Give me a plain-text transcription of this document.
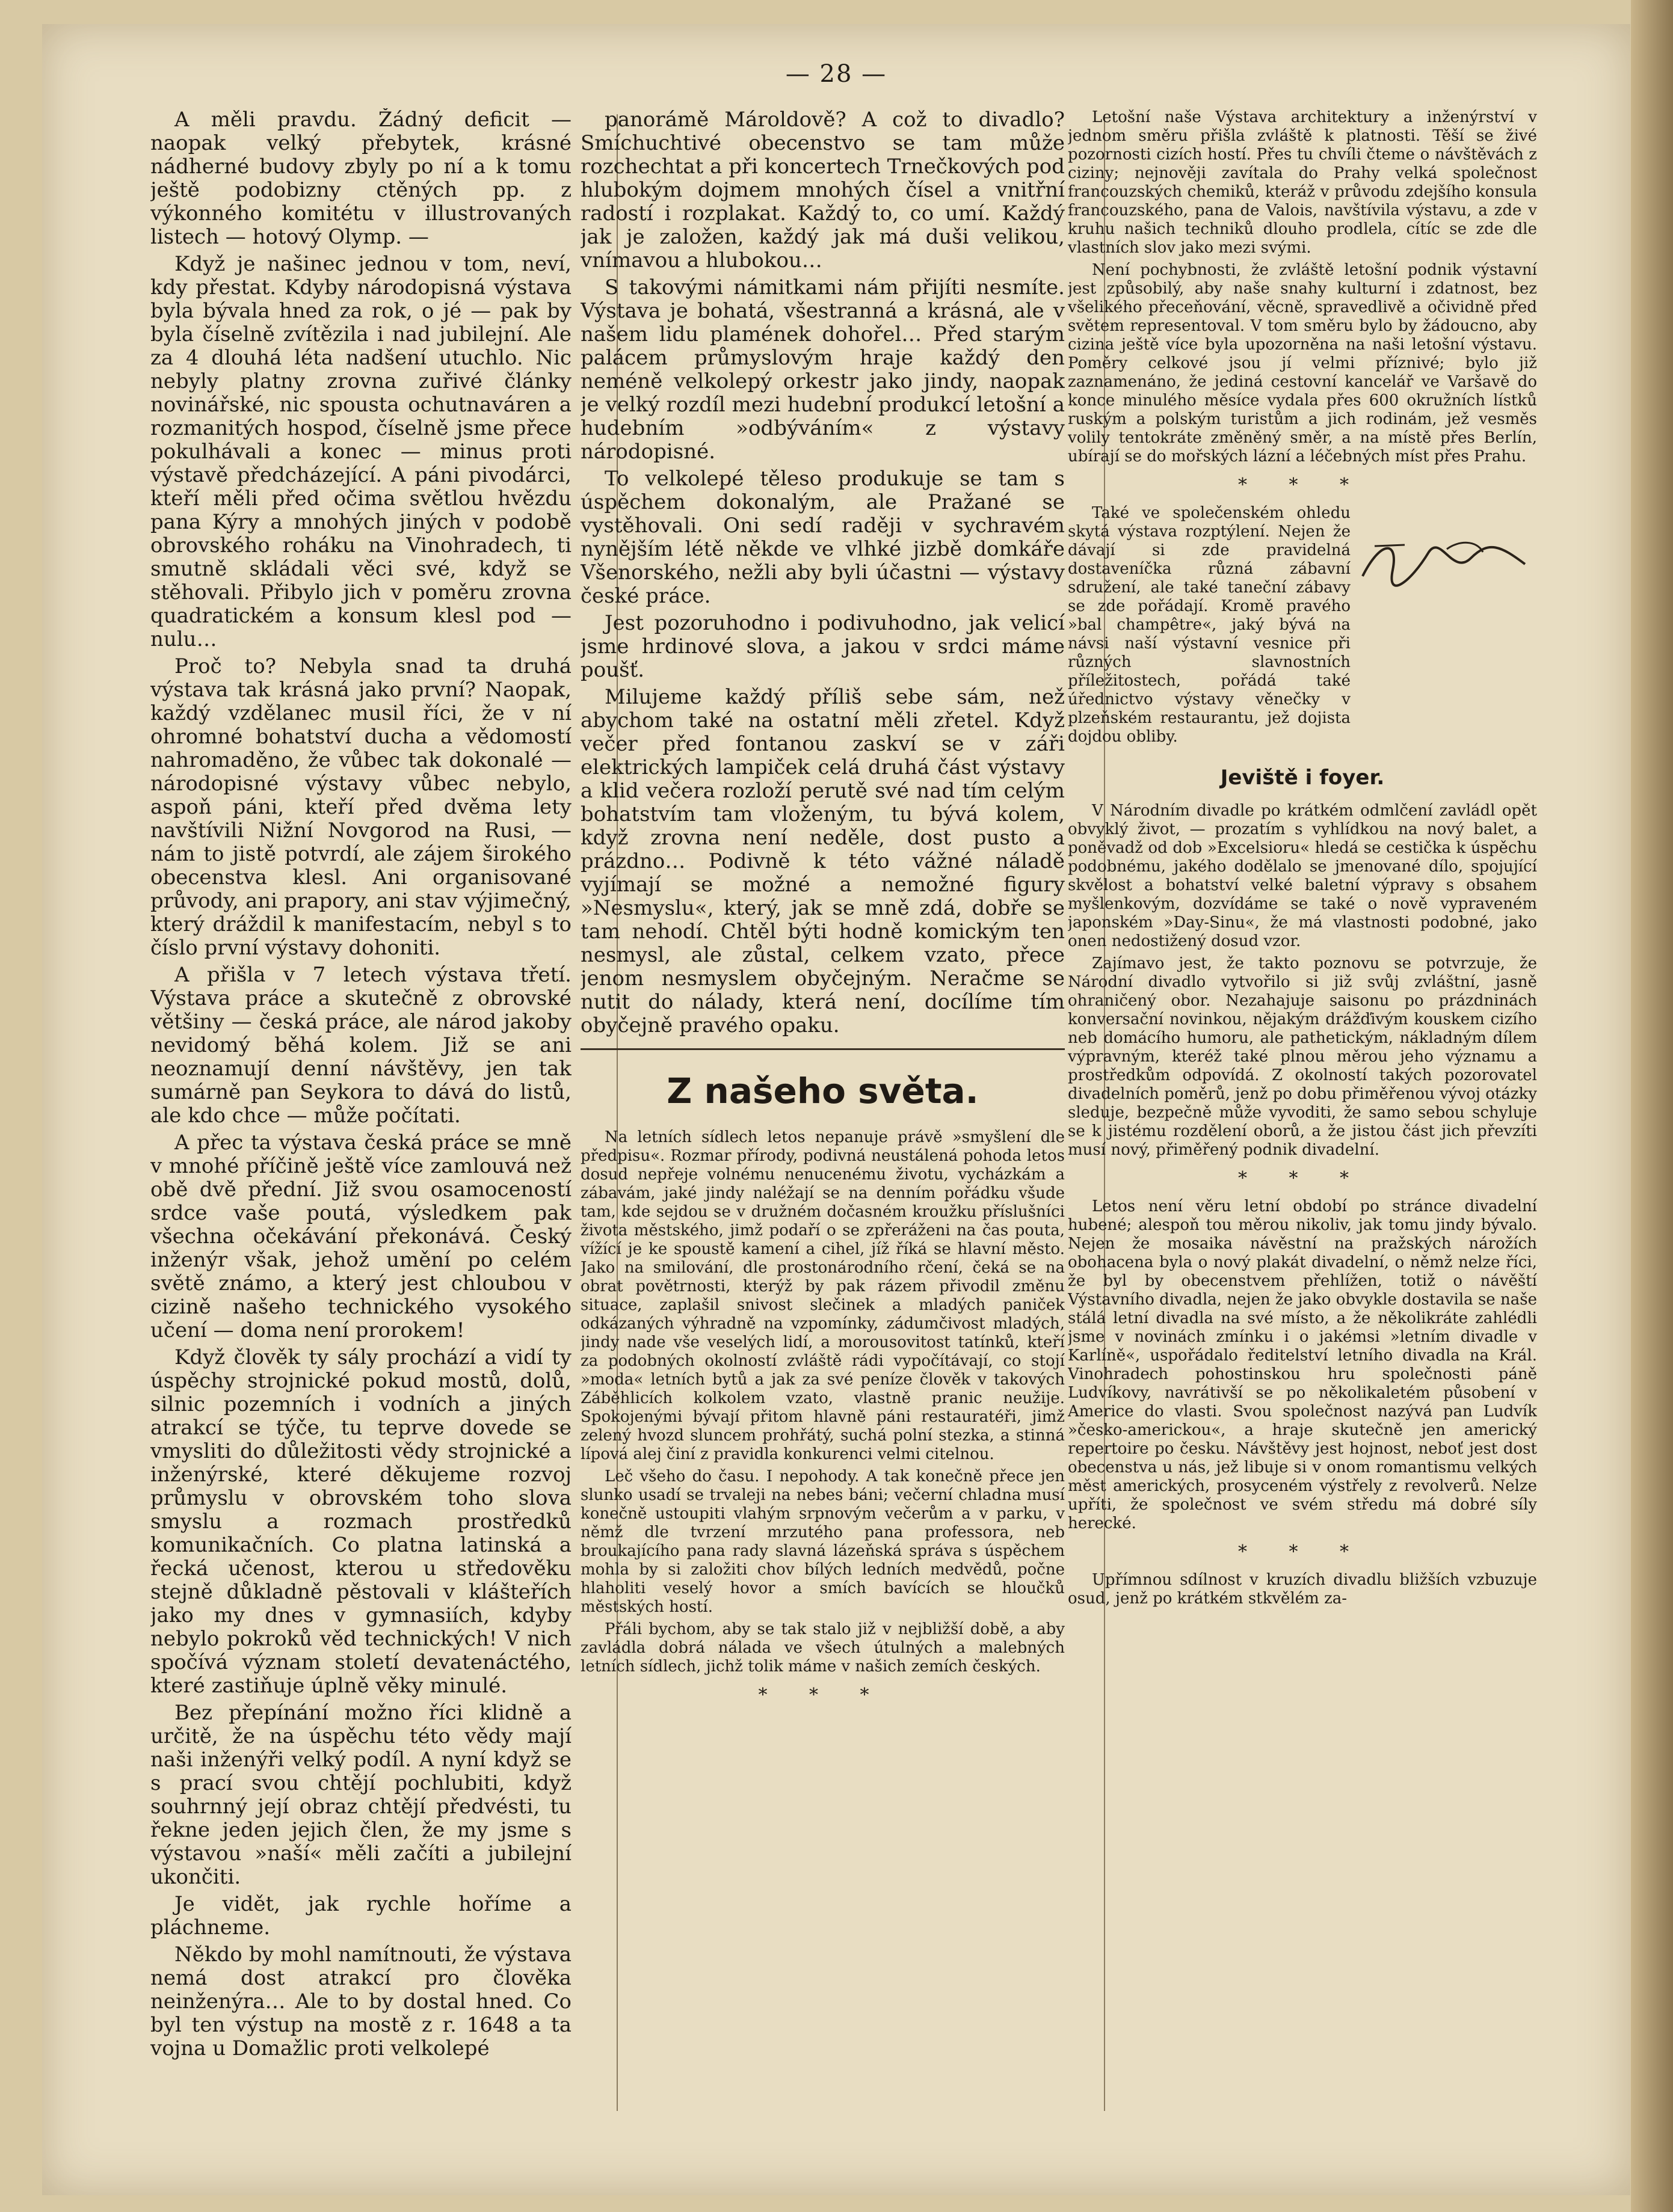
— 28 —

A měli pravdu. Žádný deficit — naopak velký přebytek, krásné nádherné budovy zbyly po ní a k tomu ještě podobizny ctěných pp. z výkonného komitétu v illustrovaných listech — hotový Olymp. —

Když je našinec jednou v tom, neví, kdy přestat. Kdyby národopisná výstava byla bývala hned za rok, o jé — pak by byla číselně zvítězila i nad jubilejní. Ale za 4 dlouhá léta nadšení utuchlo. Nic nebyly platny zrovna zuřivé články novinářské, nic spousta ochutnaváren a rozmanitých hospod, číselně jsme přece pokulhávali a konec — minus proti výstavě předcházející. A páni pivodárci, kteří měli před očima světlou hvězdu pana Kýry a mnohých jiných v podobě obrovského roháku na Vinohradech, ti smutně skládali věci své, když se stěhovali. Přibylo jich v poměru zrovna quadratickém a konsum klesl pod — nulu…

Proč to? Nebyla snad ta druhá výstava tak krásná jako první? Naopak, každý vzdělanec musil říci, že v ní ohromné bohatství ducha a vědomostí nahromaděno, že vůbec tak dokonalé — národopisné výstavy vůbec nebylo, aspoň páni, kteří před dvěma lety navštívili Nižní Novgorod na Rusi, — nám to jistě potvrdí, ale zájem širokého obecenstva klesl. Ani organisované průvody, ani prapory, ani stav výjimečný, který dráždil k manifestacím, nebyl s to číslo první výstavy dohoniti.

A přišla v 7 letech výstava třetí. Výstava práce a skutečně z obrovské většiny — česká práce, ale národ jakoby nevidomý běhá kolem. Již se ani neoznamují denní návštěvy, jen tak sumárně pan Seykora to dává do listů, ale kdo chce — může počítati.

A přec ta výstava česká práce se mně v mnohé příčině ještě více zamlouvá než obě dvě přední. Již svou osamoceností srdce vaše poutá, výsledkem pak všechna očekávání překonává. Český inženýr však, jehož umění po celém světě známo, a který jest chloubou v cizině našeho technického vysokého učení — doma není prorokem!

Když člověk ty sály prochází a vidí ty úspěchy strojnické pokud mostů, dolů, silnic pozemních i vodních a jiných atrakcí se týče, tu teprve dovede se vmysliti do důležitosti vědy strojnické a inženýrské, které děkujeme rozvoj průmyslu v obrovském toho slova smyslu a rozmach prostředků komunikačních. Co platna latinská a řecká učenost, kterou u středověku stejně důkladně pěstovali v klášteřích jako my dnes v gymnasiích, kdyby nebylo pokroků věd technických! V nich spočívá význam století devatenáctého, které zastiňuje úplně věky minulé.

Bez přepínání možno říci klidně a určitě, že na úspěchu této vědy mají naši inženýři velký podíl. A nyní když se s prací svou chtějí pochlubiti, když souhrnný její obraz chtějí předvésti, tu řekne jeden jejich člen, že my jsme s výstavou »naší« měli začíti a jubilejní ukončiti.

Je vidět, jak rychle hoříme a pláchneme.

Někdo by mohl namítnouti, že výstava nemá dost atrakcí pro člověka neinženýra… Ale to by dostal hned. Co byl ten výstup na mostě z r. 1648 a ta vojna u Domažlic proti velkolepé

panorámě Mároldově? A což to divadlo? Smíchuchtivé obecenstvo se tam může rozchechtat a při koncertech Trnečkových pod hlubokým dojmem mnohých čísel a vnitřní radostí i rozplakat. Každý to, co umí. Každý jak je založen, každý jak má duši velikou, vnímavou a hlubokou…

S takovými námitkami nám přijíti nesmíte. Výstava je bohatá, všestranná a krásná, ale v našem lidu plamének dohořel… Před starým palácem průmyslovým hraje každý den neméně velkolepý orkestr jako jindy, naopak je velký rozdíl mezi hudební produkcí letošní a hudebním »odbýváním« z výstavy národopisné.

To velkolepé těleso produkuje se tam s úspěchem dokonalým, ale Pražané se vystěhovali. Oni sedí raději v sychravém nynějším létě někde ve vlhké jizbě domkáře Všenorského, nežli aby byli účastni — výstavy české práce.

Jest pozoruhodno i podivuhodno, jak velicí jsme hrdinové slova, a jakou v srdci máme poušť.

Milujeme každý příliš sebe sám, než abychom také na ostatní měli zřetel. Když večer před fontanou zaskví se v záři elektrických lampiček celá druhá část výstavy a klid večera rozloží perutě své nad tím celým bohatstvím tam vloženým, tu bývá kolem, když zrovna není neděle, dost pusto a prázdno… Podivně k této vážné náladě vyjímají se možné a nemožné figury »Nesmyslu«, který, jak se mně zdá, dobře se tam nehodí. Chtěl býti hodně komickým ten nesmysl, ale zůstal, celkem vzato, přece jenom nesmyslem obyčejným. Neračme se nutit do nálady, která není, docílíme tím obyčejně pravého opaku.

Z našeho světa.

Na letních sídlech letos nepanuje právě »smyšlení dle předpisu«. Rozmar přírody, podivná neustálená pohoda letos dosud nepřeje volnému nenucenému životu, vycházkám a zábavám, jaké jindy naléžají se na denním pořádku všude tam, kde sejdou se v družném dočasném kroužku příslušníci života městského, jimž podaří o se zpřeráženi na čas pouta, vížící je ke spoustě kamení a cihel, jíž říká se hlavní město. Jako na smilování, dle prostonárodního rčení, čeká se na obrat povětrnosti, kterýž by pak rázem přivodil změnu situace, zaplašil snivost slečinek a mladých paniček odkázaných výhradně na vzpomínky, zádumčivost mladých, jindy nade vše veselých lidí, a morousovitost tatínků, kteří za podobných okolností zvláště rádi vypočítávají, co stojí »moda« letních bytů a jak za své peníze člověk v takových Záběhlicích kolkolem vzato, vlastně pranic neužije. Spokojenými bývají přitom hlavně páni restauratéři, jimž zelený hvozd sluncem prohřátý, suchá polní stezka, a stinná lípová alej činí z pravidla konkurenci velmi citelnou.

Leč všeho do času. I nepohody. A tak konečně přece jen slunko usadí se trvaleji na nebes báni; večerní chladna musí konečně ustoupiti vlahým srpnovým večerům a v parku, v němž dle tvrzení mrzutého pana professora, neb broukajícího pana rady slavná lázeňská správa s úspěchem mohla by si založiti chov bílých ledních medvědů, počne hlaholiti veselý hovor a smích bavících se hloučků městských hostí.

Přáli bychom, aby se tak stalo již v nejbližší době, a aby zavládla dobrá nálada ve všech útulných a malebných letních sídlech, jichž tolik máme v našich zemích českých.

* * *

Letošní naše Výstava architektury a inženýrství v jednom směru přišla zvláště k platnosti. Těší se živé pozornosti cizích hostí. Přes tu chvíli čteme o návštěvách z ciziny; nejnověji zavítala do Prahy velká společnost francouzských chemiků, kteráž v průvodu zdejšího konsula francouzského, pana de Valois, navštívila výstavu, a zde v kruhu našich techniků dlouho prodlela, cítíc se zde dle vlastních slov jako mezi svými.

Není pochybnosti, že zvláště letošní podnik výstavní jest způsobilý, aby naše snahy kulturní i zdatnost, bez všelikého přeceňování, věcně, spravedlivě a očividně před světem representoval. V tom směru bylo by žádoucno, aby cizina ještě více byla upozorněna na naši letošní výstavu. Poměry celkové jsou jí velmi příznivé; bylo již zaznamenáno, že jediná cestovní kancelář ve Varšavě do konce minulého měsíce vydala přes 600 okružních lístků ruským a polským turistům a jich rodinám, jež vesměs volily tentokráte změněný směr, a na místě přes Berlín, ubírají se do mořských lázní a léčebných míst přes Prahu.

* * *

Také ve společenském ohledu skytá výstava rozptýlení. Nejen že dávají si zde pravidelná dostaveníčka různá zábavní sdružení, ale také taneční zábavy se zde pořádají. Kromě pravého »bal champêtre«, jaký bývá na návsi naší výstavní vesnice při různých slavnostních příležitostech, pořádá také úřednictvo výstavy věnečky v plzeňském restaurantu, jež dojista dojdou obliby.

Jeviště i foyer.

V Národním divadle po krátkém odmlčení zavládl opět obvyklý život, — prozatím s vyhlídkou na nový balet, a poněvadž od dob »Excelsioru« hledá se cestička k úspěchu podobnému, jakého dodělalo se jmenované dílo, spojující skvělost a bohatství velké baletní výpravy s obsahem myšlenkovým, dozvídáme se také o nově vypraveném japonském »Day-Sinu«, že má vlastnosti podobné, jako onen nedostižený dosud vzor.

Zajímavo jest, že takto poznovu se potvrzuje, že Národní divadlo vytvořilo si již svůj zvláštní, jasně ohraničený obor. Nezahajuje saisonu po prázdninách konversační novinkou, nějakým drážďivým kouskem cizího neb domácího humoru, ale pathetickým, nákladným dílem výpravným, kteréž také plnou měrou jeho významu a prostředkům odpovídá. Z okolností takých pozorovatel divadelních poměrů, jenž po dobu přiměřenou vývoj otázky sleduje, bezpečně může vyvoditi, že samo sebou schyluje se k jistému rozdělení oborů, a že jistou část jich převzíti musí nový, přiměřený podnik divadelní.

* * *

Letos není věru letní období po stránce divadelní hubené; alespoň tou měrou nikoliv, jak tomu jindy bývalo. Nejen že mosaika návěstní na pražských nárožích obohacena byla o nový plakát divadelní, o němž nelze říci, že byl by obecenstvem přehlížen, totiž o návěští Výstavního divadla, nejen že jako obvykle dostavila se naše stálá letní divadla na své místo, a že několikráte zahlédli jsme v novinách zmínku i o jakémsi »letním divadle v Karlíně«, uspořádalo ředitelství letního divadla na Král. Vinohradech pohostinskou hru společnosti páně Ludvíkovy, navrátivší se po několikaletém působení v Americe do vlasti. Svou společnost nazývá pan Ludvík »česko-americkou«, a hraje skutečně jen americký repertoire po česku. Návštěvy jest hojnost, neboť jest dost obecenstva u nás, jež libuje si v onom romantismu velkých měst amerických, prosyceném výstřely z revolverů. Nelze upříti, že společnost ve svém středu má dobré síly herecké.

* * *

Upřímnou sdílnost v kruzích divadlu bližších vzbuzuje osud, jenž po krátkém stkvělém za-
